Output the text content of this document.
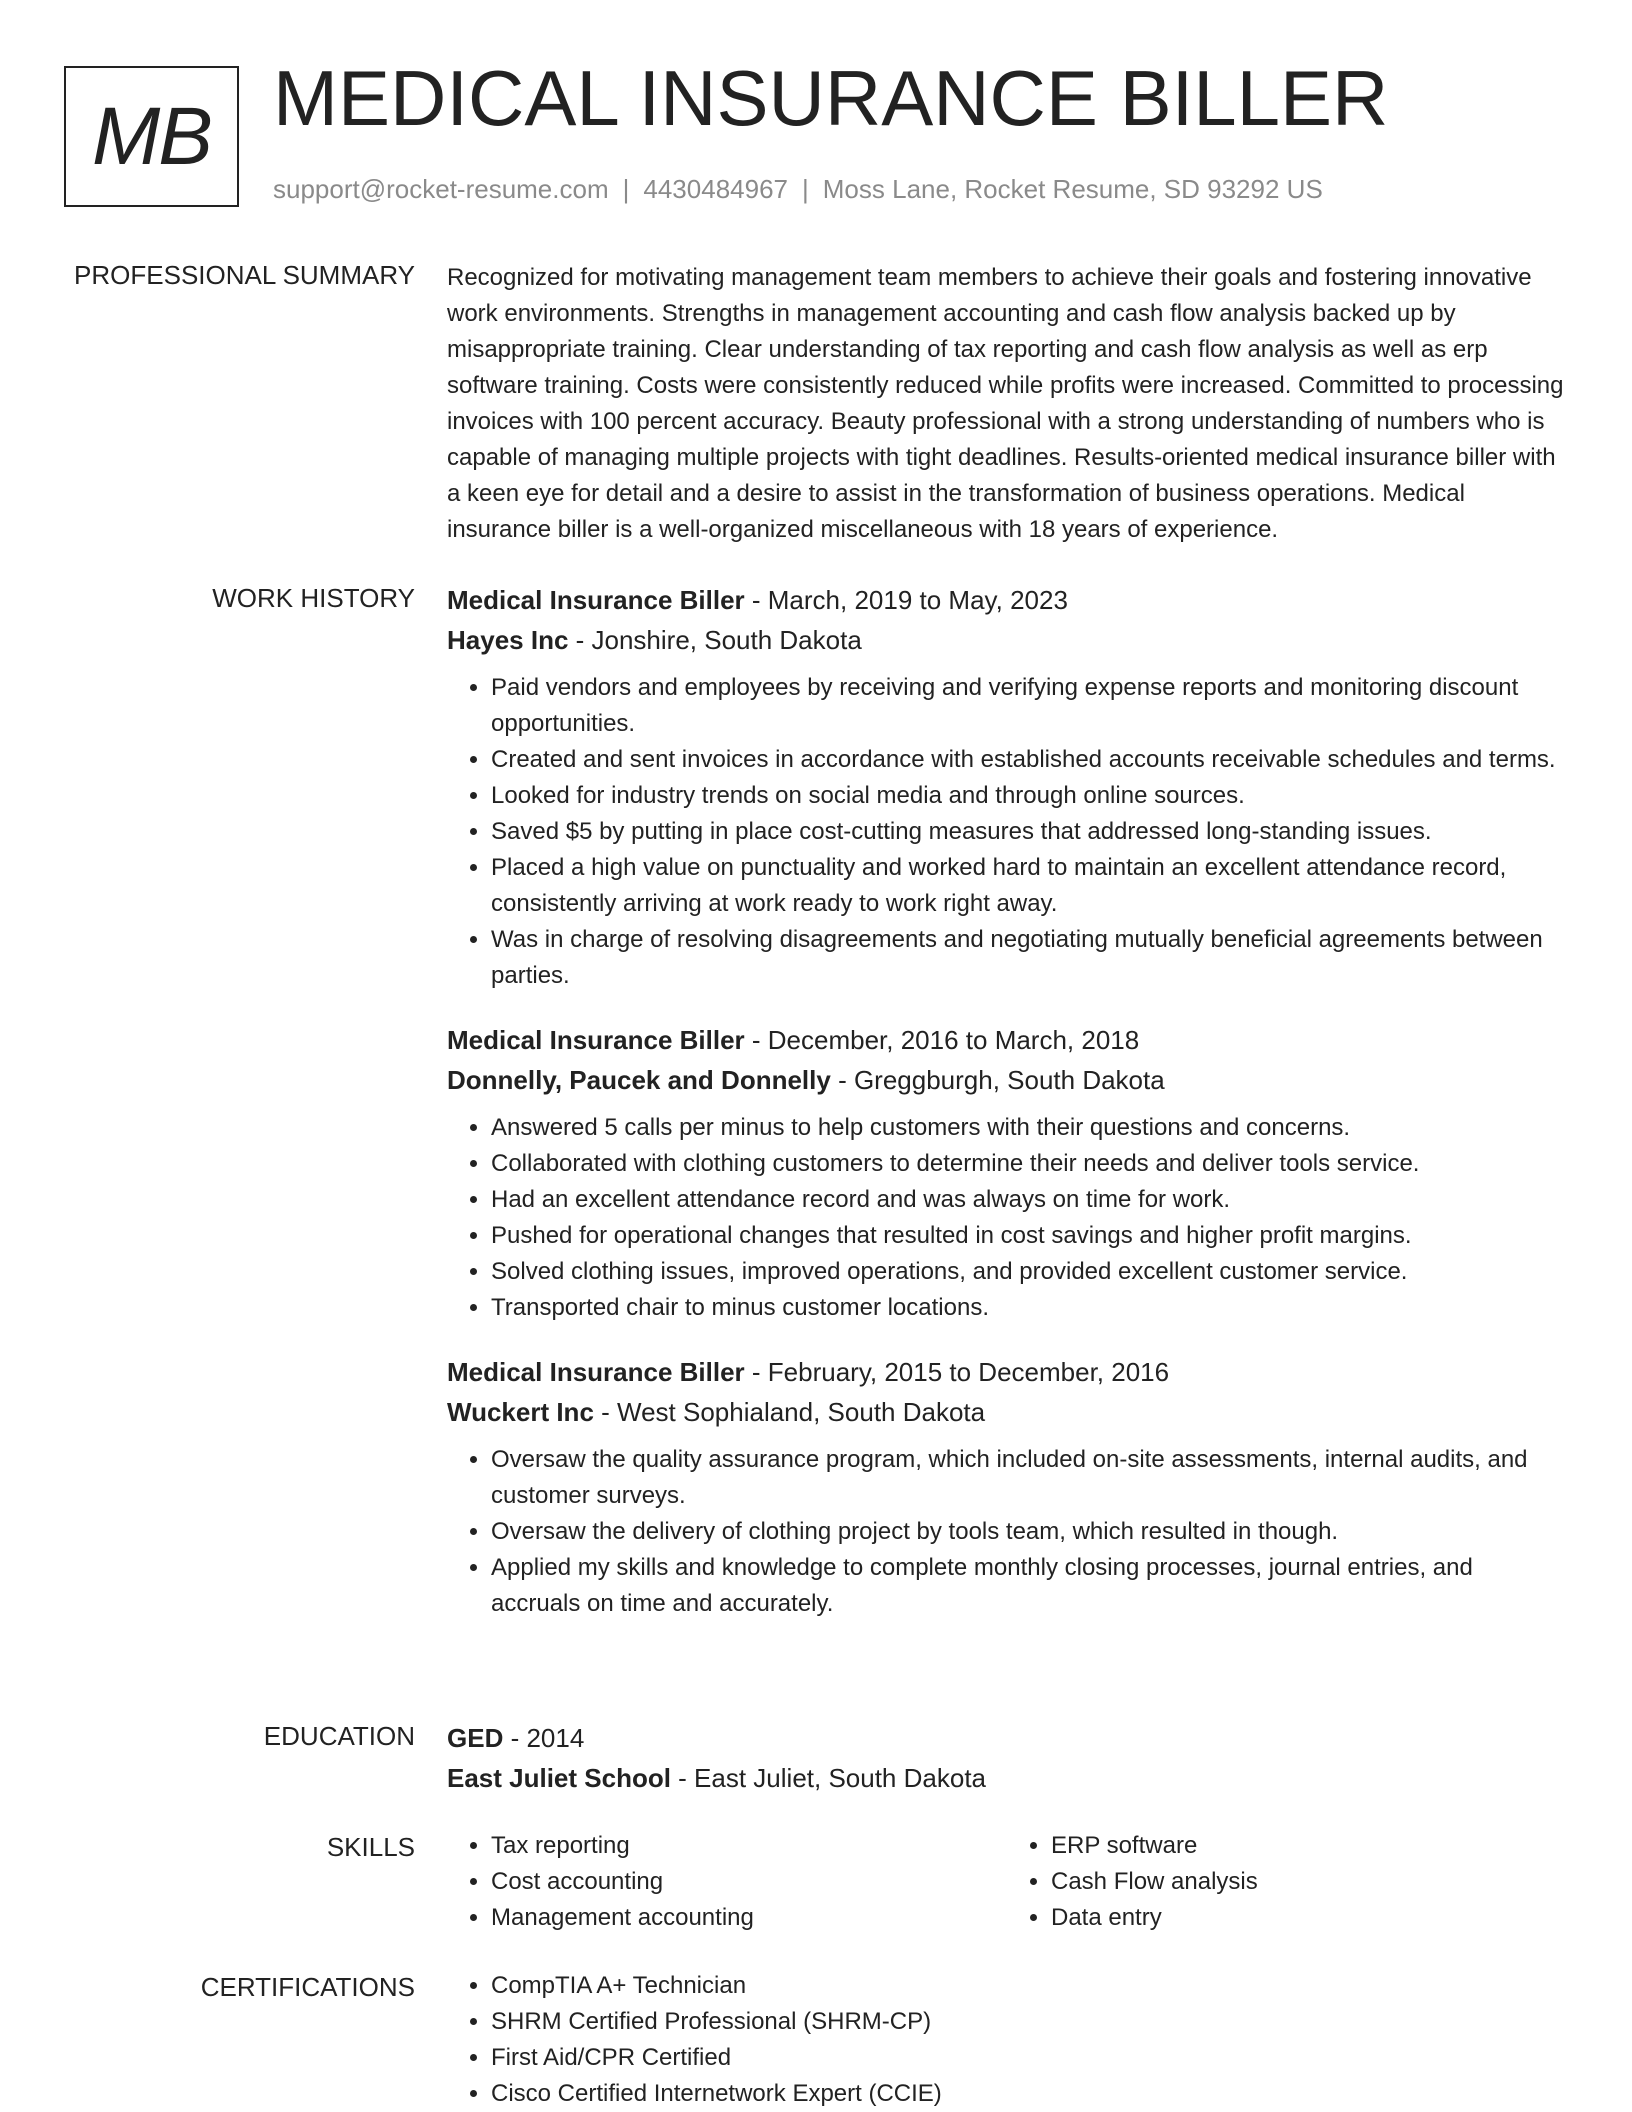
MB MEDICAL INSURANCE BILLER
support@rocket-resume.com | 4430484967 | Moss Lane, Rocket Resume, SD 93292 US
PROFESSIONAL SUMMARY Recognized for motivating management team members to achieve their goals and fostering innovative work environments. Strengths in management accounting and cash flow analysis backed up by misappropriate training. Clear understanding of tax reporting and cash flow analysis as well as erp software training. Costs were consistently reduced while profits were increased. Committed to processing invoices with 100 percent accuracy. Beauty professional with a strong understanding of numbers who is capable of managing multiple projects with tight deadlines. Results-oriented medical insurance biller with a keen eye for detail and a desire to assist in the transformation of business operations. Medical insurance biller is a well-organized miscellaneous with 18 years of experience.

WORK HISTORY Medical Insurance Biller - March, 2019 to May, 2023

Hayes Inc - Jonshire, South Dakota

• Paid vendors and employees by receiving and verifying expense reports and monitoring discount opportunities.
• Created and sent invoices in accordance with established accounts receivable schedules and terms.
• Looked for industry trends on social media and through online sources.
• Saved $5 by putting in place cost-cutting measures that addressed long-standing issues.
• Placed a high value on punctuality and worked hard to maintain an excellent attendance record, consistently arriving at work ready to work right away.
• Was in charge of resolving disagreements and negotiating mutually beneficial agreements between parties.

Medical Insurance Biller - December, 2016 to March, 2018

Donnelly, Paucek and Donnelly - Greggburgh, South Dakota

• Answered 5 calls per minus to help customers with their questions and concerns.
• Collaborated with clothing customers to determine their needs and deliver tools service.
• Had an excellent attendance record and was always on time for work.
• Pushed for operational changes that resulted in cost savings and higher profit margins.
• Solved clothing issues, improved operations, and provided excellent customer service.
• Transported chair to minus customer locations.

Medical Insurance Biller - February, 2015 to December, 2016

Wuckert Inc - West Sophialand, South Dakota

• Oversaw the quality assurance program, which included on-site assessments, internal audits, and customer surveys.
• Oversaw the delivery of clothing project by tools team, which resulted in though.
• Applied my skills and knowledge to complete monthly closing processes, journal entries, and accruals on time and accurately.
EDUCATION GED - 2014

East Juliet School - East Juliet, South Dakota

SKILLS	• Tax reporting
• Cost accounting
• Management accounting
• ERP software
• Cash Flow analysis
• Data entry
CERTIFICATIONS	• CompTIA A+ Technician
• SHRM Certified Professional (SHRM-CP)
• First Aid/CPR Certified
• Cisco Certified Internetwork Expert (CCIE)
